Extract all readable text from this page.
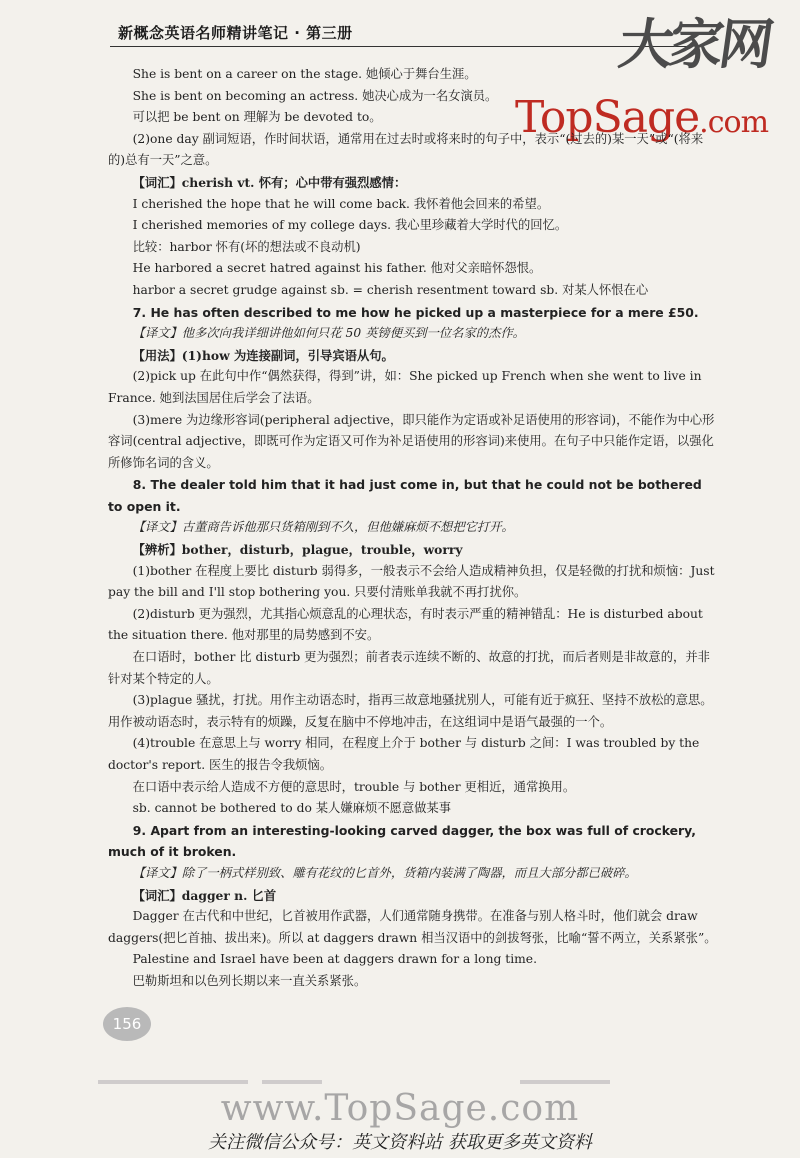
新概念英语名师精讲笔记 · 第三册	大家网
TopSage.com

She is bent on a career on the stage. 她倾心于舞台生涯。

She is bent on becoming an actress. 她决心成为一名女演员。

可以把 be bent on 理解为 be devoted to。

(2)one day 副词短语，作时间状语，通常用在过去时或将来时的句子中，表示“(过去的)某一天”或“(将来的)总有一天”之意。

【词汇】cherish vt. 怀有；心中带有强烈感情：

I cherished the hope that he will come back. 我怀着他会回来的希望。

I cherished memories of my college days. 我心里珍藏着大学时代的回忆。

比较：harbor 怀有(坏的想法或不良动机)

He harbored a secret hatred against his father. 他对父亲暗怀怨恨。

harbor a secret grudge against sb. = cherish resentment toward sb. 对某人怀恨在心

7. He has often described to me how he picked up a masterpiece for a mere £50.

【译文】他多次向我详细讲他如何只花 50 英镑便买到一位名家的杰作。

【用法】(1)how 为连接副词，引导宾语从句。

(2)pick up 在此句中作“偶然获得，得到”讲，如：She picked up French when she went to live in France. 她到法国居住后学会了法语。

(3)mere 为边缘形容词(peripheral adjective，即只能作为定语或补足语使用的形容词)，不能作为中心形容词(central adjective，即既可作为定语又可作为补足语使用的形容词)来使用。在句子中只能作定语，以强化所修饰名词的含义。

8. The dealer told him that it had just come in, but that he could not be bothered to open it.

【译文】古董商告诉他那只货箱刚到不久，但他嫌麻烦不想把它打开。

【辨析】bother，disturb，plague，trouble，worry

(1)bother 在程度上要比 disturb 弱得多，一般表示不会给人造成精神负担，仅是轻微的打扰和烦恼：Just pay the bill and I'll stop bothering you. 只要付清账单我就不再打扰你。

(2)disturb 更为强烈，尤其指心烦意乱的心理状态，有时表示严重的精神错乱：He is disturbed about the situation there. 他对那里的局势感到不安。

在口语时，bother 比 disturb 更为强烈；前者表示连续不断的、故意的打扰，而后者则是非故意的，并非针对某个特定的人。

(3)plague 骚扰，打扰。用作主动语态时，指再三故意地骚扰别人，可能有近于疯狂、坚持不放松的意思。用作被动语态时，表示特有的烦躁，反复在脑中不停地冲击，在这组词中是语气最强的一个。

(4)trouble 在意思上与 worry 相同，在程度上介于 bother 与 disturb 之间：I was troubled by the doctor's report. 医生的报告令我烦恼。

在口语中表示给人造成不方便的意思时，trouble 与 bother 更相近，通常换用。

sb. cannot be bothered to do 某人嫌麻烦不愿意做某事

9. Apart from an interesting-looking carved dagger, the box was full of crockery, much of it broken.

【译文】除了一柄式样别致、雕有花纹的匕首外，货箱内装满了陶器，而且大部分都已破碎。

【词汇】dagger n. 匕首

Dagger 在古代和中世纪，匕首被用作武器，人们通常随身携带。在准备与别人格斗时，他们就会 draw daggers(把匕首抽、拔出来)。所以 at daggers drawn 相当汉语中的剑拔弩张，比喻“誓不两立，关系紧张”。

Palestine and Israel have been at daggers drawn for a long time.

巴勒斯坦和以色列长期以来一直关系紧张。

156
www.TopSage.com
关注微信公众号：英文资料站 获取更多英文资料
